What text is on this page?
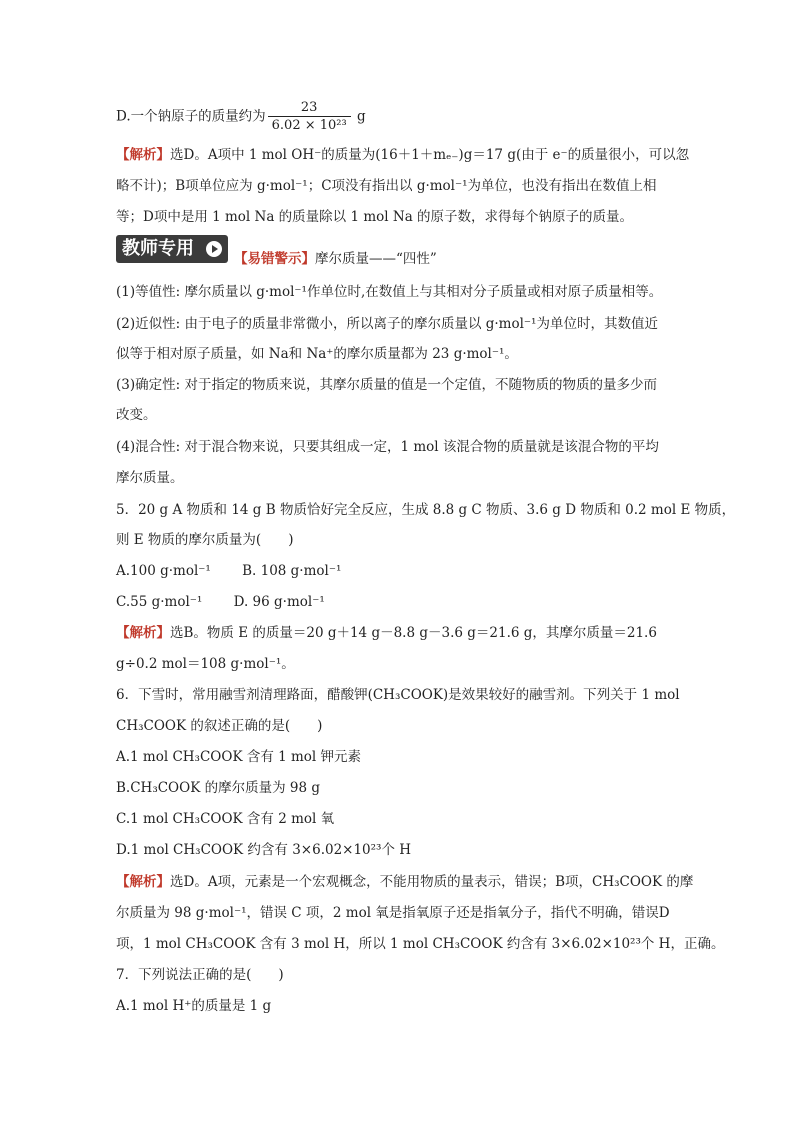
D.一个钠原子的质量约为 $\frac{23}{\text{6.02 × 10²³}}$ g
【解析】选D。A项中 1 mol OH⁻的质量为(16＋1＋mₑ₋)g＝17 g(由于 e⁻的质量很小，可以忽
略不计)；B项单位应为 g·mol⁻¹；C项没有指出以 g·mol⁻¹为单位，也没有指出在数值上相
等；D项中是用 1 mol Na 的质量除以 1 mol Na 的原子数，求得每个钠原子的质量。
教师专用	【易错警示】摩尔质量——“四性”
(1)等值性: 摩尔质量以 g·mol⁻¹作单位时,在数值上与其相对分子质量或相对原子质量相等。
(2)近似性: 由于电子的质量非常微小，所以离子的摩尔质量以 g·mol⁻¹为单位时，其数值近
似等于相对原子质量，如 Na和 Na⁺的摩尔质量都为 23 g·mol⁻¹。
(3)确定性: 对于指定的物质来说，其摩尔质量的值是一个定值，不随物质的物质的量多少而
改变。
(4)混合性: 对于混合物来说，只要其组成一定，1 mol 该混合物的质量就是该混合物的平均
摩尔质量。
5．20 g A 物质和 14 g B 物质恰好完全反应，生成 8.8 g C 物质、3.6 g D 物质和 0.2 mol E 物质，
则 E 物质的摩尔质量为(　　)
A.100 g·mol⁻¹　　 B. 108 g·mol⁻¹
C.55 g·mol⁻¹　　 D. 96 g·mol⁻¹
【解析】选B。物质 E 的质量＝20 g＋14 g－8.8 g－3.6 g＝21.6 g，其摩尔质量＝21.6
g÷0.2 mol＝108 g·mol⁻¹。
6．下雪时，常用融雪剂清理路面，醋酸钾(CH₃COOK)是效果较好的融雪剂。下列关于 1 mol
CH₃COOK 的叙述正确的是(　　)
A.1 mol CH₃COOK 含有 1 mol 钾元素
B.CH₃COOK 的摩尔质量为 98 g
C.1 mol CH₃COOK 含有 2 mol 氧
D.1 mol CH₃COOK 约含有 3×6.02×10²³个 H
【解析】选D。A项，元素是一个宏观概念，不能用物质的量表示，错误；B项，CH₃COOK 的摩
尔质量为 98 g·mol⁻¹，错误 C 项，2 mol 氧是指氧原子还是指氧分子，指代不明确，错误D
项，1 mol CH₃COOK 含有 3 mol H，所以 1 mol CH₃COOK 约含有 3×6.02×10²³个 H，正确。
7．下列说法正确的是(　　)
A.1 mol H⁺的质量是 1 g
